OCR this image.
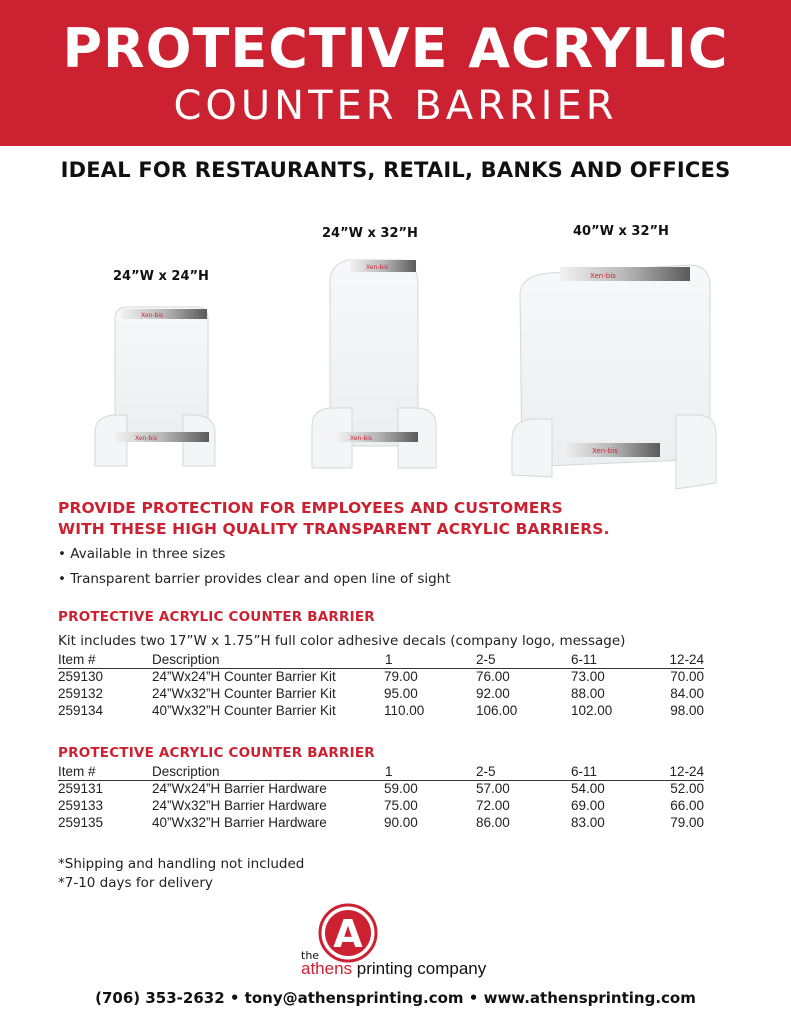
PROTECTIVE ACRYLIC
COUNTER BARRIER
IDEAL FOR RESTAURANTS, RETAIL, BANKS AND OFFICES
24”W x 24”H
24”W x 32”H	40”W x 32”H
Xen-bis
Xen-bis
Xen-bis
Xen-bis
Xen-bis
Xen-bis
PROVIDE PROTECTION FOR EMPLOYEES AND CUSTOMERS
WITH THESE HIGH QUALITY TRANSPARENT ACRYLIC BARRIERS.
• Available in three sizes
• Transparent barrier provides clear and open line of sight
PROTECTIVE ACRYLIC COUNTER BARRIER
Kit includes two 17”W x 1.75”H full color adhesive decals (company logo, message)
Item #	Description	1	2-5	6-11	12-24
259130	24”Wx24”H Counter Barrier Kit	79.00	76.00	73.00	70.00
259132	24”Wx32”H Counter Barrier Kit	95.00	92.00	88.00	84.00
259134	40”Wx32”H Counter Barrier Kit	110.00	106.00	102.00	98.00
PROTECTIVE ACRYLIC COUNTER BARRIER
Item #	Description	1	2-5	6-11	12-24
259131	24”Wx24”H Barrier Hardware	59.00	57.00	54.00	52.00
259133	24”Wx32”H Barrier Hardware	75.00	72.00	69.00	66.00
259135	40”Wx32”H Barrier Hardware	90.00	86.00	83.00	79.00
*Shipping and handling not included
*7-10 days for delivery
A
the
athens printing company
(706) 353-2632 • tony@athensprinting.com • www.athensprinting.com
